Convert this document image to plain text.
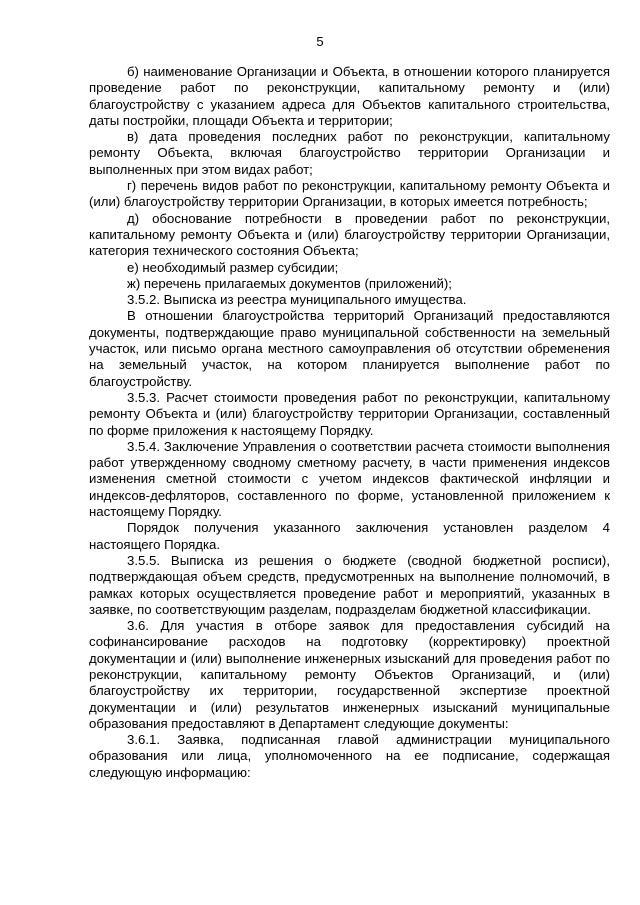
5

б) наименование Организации и Объекта, в отношении которого планируется проведение работ по реконструкции, капитальному ремонту и (или) благоустройству с указанием адреса для Объектов капитального строительства, даты постройки, площади Объекта и территории;

в) дата проведения последних работ по реконструкции, капитальному ремонту Объекта, включая благоустройство территории Организации и выполненных при этом видах работ;

г) перечень видов работ по реконструкции, капитальному ремонту Объекта и (или) благоустройству территории Организации, в которых имеется потребность;

д) обоснование потребности в проведении работ по реконструкции, капитальному ремонту Объекта и (или) благоустройству территории Организации, категория технического состояния Объекта;

е) необходимый размер субсидии;

ж) перечень прилагаемых документов (приложений);

3.5.2. Выписка из реестра муниципального имущества.

В отношении благоустройства территорий Организаций предоставляются документы, подтверждающие право муниципальной собственности на земельный участок, или письмо органа местного самоуправления об отсутствии обременения на земельный участок, на котором планируется выполнение работ по благоустройству.

3.5.3. Расчет стоимости проведения работ по реконструкции, капитальному ремонту Объекта и (или) благоустройству территории Организации, составленный по форме приложения к настоящему Порядку.

3.5.4. Заключение Управления о соответствии расчета стоимости выполнения работ утвержденному сводному сметному расчету, в части применения индексов изменения сметной стоимости с учетом индексов фактической инфляции и индексов-дефляторов, составленного по форме, установленной приложением к настоящему Порядку.

Порядок получения указанного заключения установлен разделом 4 настоящего Порядка.

3.5.5. Выписка из решения о бюджете (сводной бюджетной росписи), подтверждающая объем средств, предусмотренных на выполнение полномочий, в рамках которых осуществляется проведение работ и мероприятий, указанных в заявке, по соответствующим разделам, подразделам бюджетной классификации.

3.6. Для участия в отборе заявок для предоставления субсидий на софинансирование расходов на подготовку (корректировку) проектной документации и (или) выполнение инженерных изысканий для проведения работ по реконструкции, капитальному ремонту Объектов Организаций, и (или) благоустройству их территории, государственной экспертизе проектной документации и (или) результатов инженерных изысканий муниципальные образования предоставляют в Департамент следующие документы:

3.6.1. Заявка, подписанная главой администрации муниципального образования или лица, уполномоченного на ее подписание, содержащая следующую информацию:
